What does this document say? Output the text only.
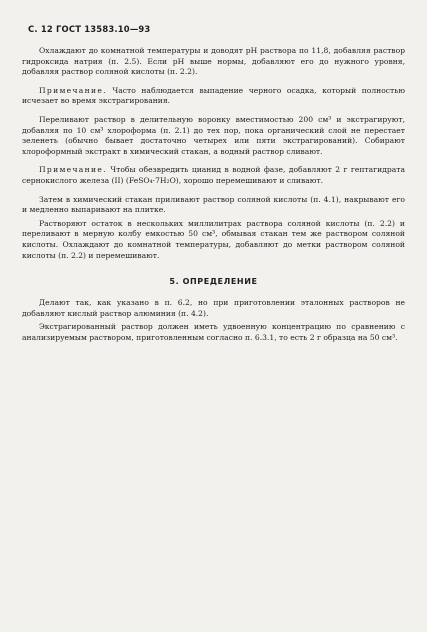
С. 12 ГОСТ 13583.10—93

Охлаждают до комнатной температуры и доводят pH раствора по 11,8, добавляя раствор гидроксида натрия (п. 2.5). Если pH выше нормы, добавляют его до нужного уровня, добавляя раствор соляной кислоты (п. 2.2).

Примечание. Часто наблюдается выпадение черного осадка, который полностью исчезает во время экстрагирования.

Переливают раствор в делительную воронку вместимостью 200 см³ и экстрагируют, добавляя по 10 см³ хлороформа (п. 2.1) до тех пор, пока органический слой не перестает зеленеть (обычно бывает достаточно четырех или пяти экстрагирований). Собирают хлороформный экстракт в химический стакан, а водный раствор сливают.

Примечание. Чтобы обезвредить цианид в водной фазе, добавляют 2 г гептагидрата сернокислого железа (II) (FeSO₄·7H₂O), хорошо перемешивают и сливают.

Затем в химический стакан приливают раствор соляной кислоты (п. 4.1), накрывают его и медленно выпаривают на плитке.

Растворяют остаток в нескольких миллилитрах раствора соляной кислоты (п. 2.2) и переливают в мерную колбу емкостью 50 см³, обмывая стакан тем же раствором соляной кислоты. Охлаждают до комнатной температуры, добавляют до метки раствором соляной кислоты (п. 2.2) и перемешивают.

5. ОПРЕДЕЛЕНИЕ

Делают так, как указано в п. 6.2, но при приготовлении эталонных растворов не добавляют кислый раствор алюминия (п. 4.2).

Экстрагированный раствор должен иметь удвоенную концентрацию по сравнению с анализируемым раствором, приготовленным согласно п. 6.3.1, то есть 2 г образца на 50 см³.
